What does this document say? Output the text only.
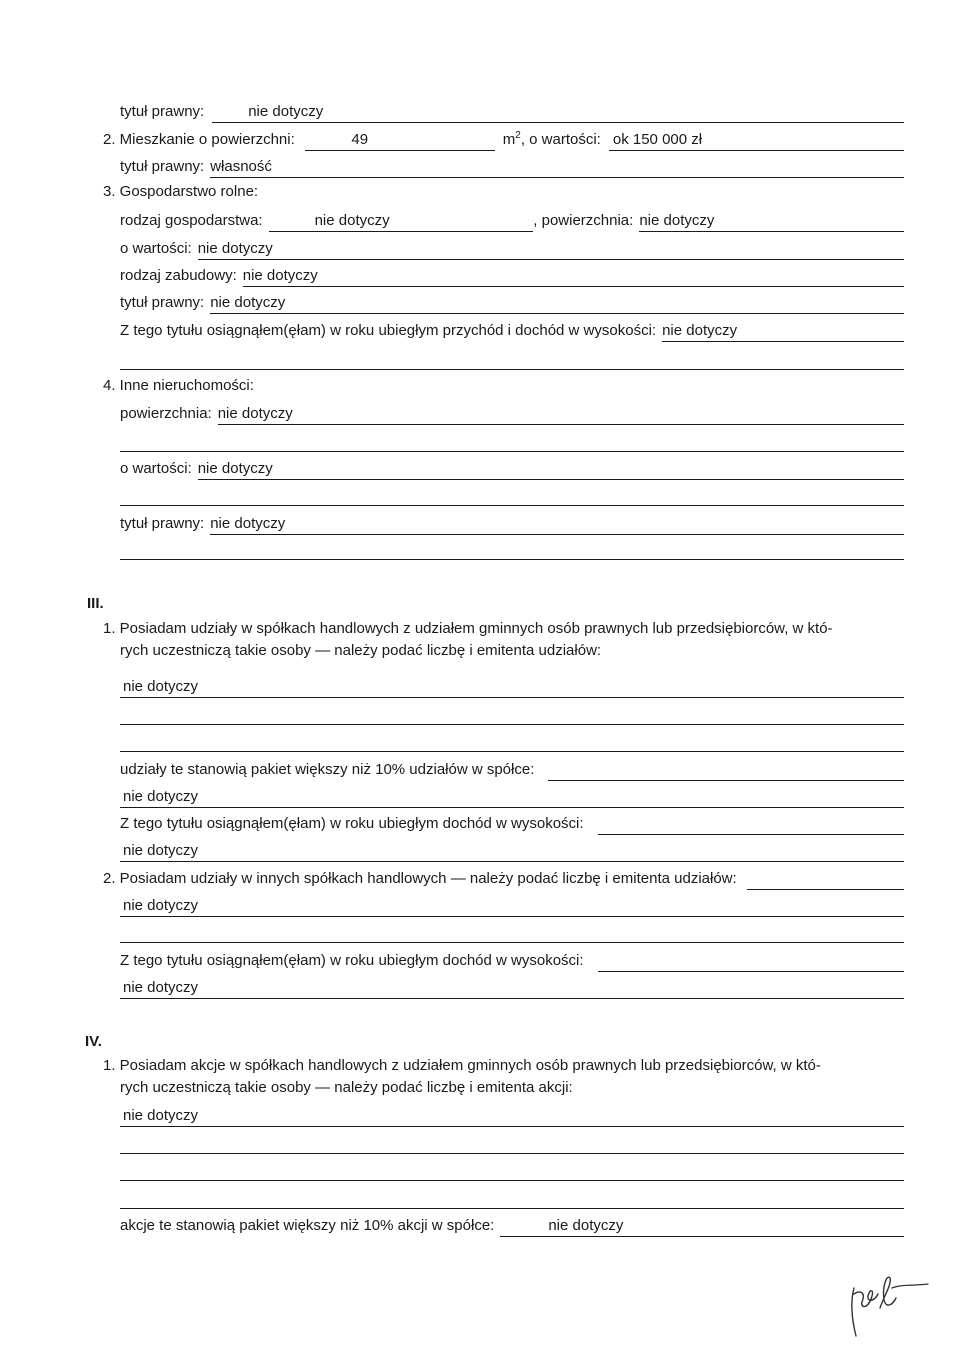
tytuł prawny:	nie dotyczy
2. Mieszkanie o powierzchni:	49	$m^2$ , o wartości: ok 150 000 zł
tytuł prawny: własność
3. Gospodarstwo rolne:
rodzaj gospodarstwa:	nie dotyczy	, powierzchnia: nie dotyczy
o wartości: nie dotyczy
rodzaj zabudowy: nie dotyczy
tytuł prawny: nie dotyczy
Z tego tytułu osiągnąłem(ęłam) w roku ubiegłym przychód i dochód w wysokości: nie dotyczy
4. Inne nieruchomości:
powierzchnia: nie dotyczy
o wartości: nie dotyczy
tytuł prawny: nie dotyczy
III.
1. Posiadam udziały w spółkach handlowych z udziałem gminnych osób prawnych lub przedsiębiorców, w któ-
rych uczestniczą takie osoby — należy podać liczbę i emitenta udziałów:
nie dotyczy
udziały te stanowią pakiet większy niż 10% udziałów w spółce:
nie dotyczy
Z tego tytułu osiągnąłem(ęłam) w roku ubiegłym dochód w wysokości:
nie dotyczy
2. Posiadam udziały w innych spółkach handlowych — należy podać liczbę i emitenta udziałów:
nie dotyczy
Z tego tytułu osiągnąłem(ęłam) w roku ubiegłym dochód w wysokości:
nie dotyczy
IV.
1. Posiadam akcje w spółkach handlowych z udziałem gminnych osób prawnych lub przedsiębiorców, w któ-
rych uczestniczą takie osoby — należy podać liczbę i emitenta akcji:
nie dotyczy
akcje te stanowią pakiet większy niż 10% akcji w spółce:	nie dotyczy
